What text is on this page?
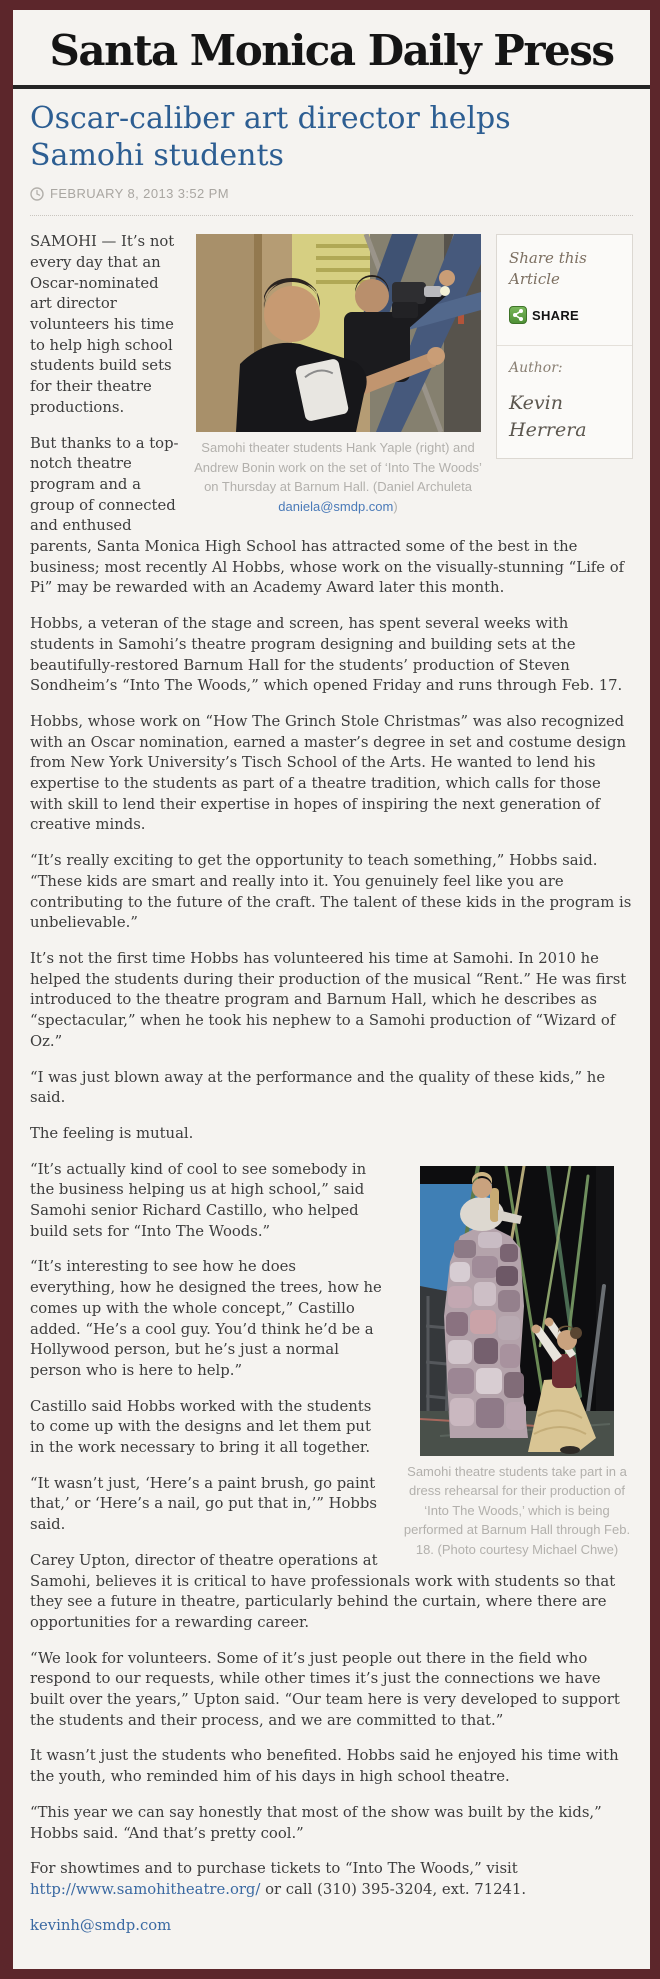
Santa Monica Daily Press
Oscar-caliber art director helps Samohi students
FEBRUARY 8, 2013 3:52 PM
Share this Article
SHARE
Author:
Kevin Herrera
Samohi theater students Hank Yaple (right) and Andrew Bonin work on the set of ‘Into The Woods’ on Thursday at Barnum Hall. (Daniel Archuleta daniela@smdp.com)

SAMOHI — It’s not every day that an Oscar-nominated art director volunteers his time to help high school students build sets for their theatre productions.

But thanks to a top-notch theatre program and a group of connected and enthused parents, Santa Monica High School has attracted some of the best in the business; most recently Al Hobbs, whose work on the visually-stunning “Life of Pi” may be rewarded with an Academy Award later this month.

Hobbs, a veteran of the stage and screen, has spent several weeks with students in Samohi’s theatre program designing and building sets at the beautifully-restored Barnum Hall for the students’ production of Steven Sondheim’s “Into The Woods,” which opened Friday and runs through Feb. 17.

Hobbs, whose work on “How The Grinch Stole Christmas” was also recognized with an Oscar nomination, earned a master’s degree in set and costume design from New York University’s Tisch School of the Arts. He wanted to lend his expertise to the students as part of a theatre tradition, which calls for those with skill to lend their expertise in hopes of inspiring the next generation of creative minds.

“It’s really exciting to get the opportunity to teach something,” Hobbs said. “These kids are smart and really into it. You genuinely feel like you are contributing to the future of the craft. The talent of these kids in the program is unbelievable.”

It’s not the first time Hobbs has volunteered his time at Samohi. In 2010 he helped the students during their production of the musical “Rent.” He was first introduced to the theatre program and Barnum Hall, which he describes as “spectacular,” when he took his nephew to a Samohi production of “Wizard of Oz.”

“I was just blown away at the performance and the quality of these kids,” he said.

The feeling is mutual.

Samohi theatre students take part in a dress rehearsal for their production of ‘Into The Woods,’ which is being performed at Barnum Hall through Feb. 18. (Photo courtesy Michael Chwe)

“It’s actually kind of cool to see somebody in the business helping us at high school,” said Samohi senior Richard Castillo, who helped build sets for “Into The Woods.”

“It’s interesting to see how he does everything, how he designed the trees, how he comes up with the whole concept,” Castillo added. “He’s a cool guy. You’d think he’d be a Hollywood person, but he’s just a normal person who is here to help.”

Castillo said Hobbs worked with the students to come up with the designs and let them put in the work necessary to bring it all together.

“It wasn’t just, ‘Here’s a paint brush, go paint that,’ or ‘Here’s a nail, go put that in,’” Hobbs said.

Carey Upton, director of theatre operations at Samohi, believes it is critical to have professionals work with students so that they see a future in theatre, particularly behind the curtain, where there are opportunities for a rewarding career.

“We look for volunteers. Some of it’s just people out there in the field who respond to our requests, while other times it’s just the connections we have built over the years,” Upton said. “Our team here is very developed to support the students and their process, and we are committed to that.”

It wasn’t just the students who benefited. Hobbs said he enjoyed his time with the youth, who reminded him of his days in high school theatre.

“This year we can say honestly that most of the show was built by the kids,” Hobbs said. “And that’s pretty cool.”

For showtimes and to purchase tickets to “Into The Woods,” visit http://www.samohitheatre.org/ or call (310) 395-3204, ext. 71241.

kevinh@smdp.com
